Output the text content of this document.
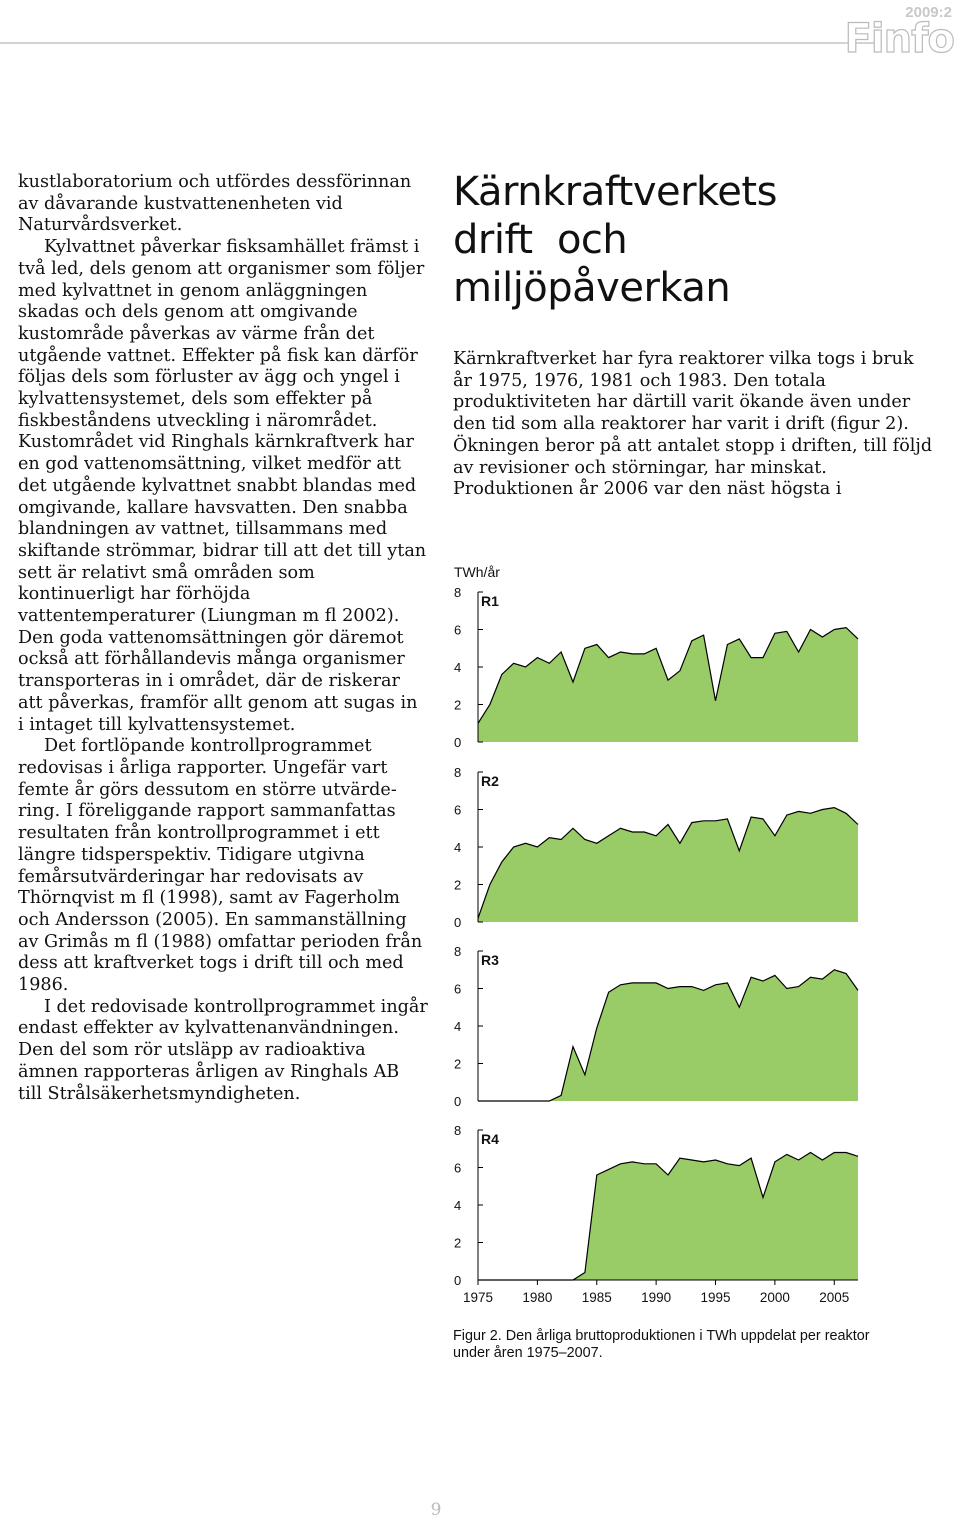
2009:2
Finfo

kustlaboratorium och utfördes dessförinnan av dåvarande kustvattenenheten vid Naturvårdsverket.

Kylvattnet påverkar fisksamhället främst i två led, dels genom att organismer som följer med kylvattnet in genom anläggningen skadas och dels genom att omgivande kustområde påverkas av värme från det utgående vattnet. Effekter på fisk kan därför följas dels som förluster av ägg och yngel i kylvattensystemet, dels som effekter på fiskbeståndens utveckling i närområdet. Kustområdet vid Ringhals kärnkraftverk har en god vattenomsättning, vilket medför att det utgående kylvattnet snabbt blandas med omgivande, kallare havsvatten. Den snabba blandningen av vattnet, tillsammans med skiftande strömmar, bidrar till att det till ytan sett är relativt små områden som kontinuerligt har förhöjda vattentemperaturer (Liungman m fl 2002). Den goda vattenomsättningen gör däremot också att förhållandevis många organismer transporteras in i området, där de riskerar att påverkas, framför allt genom att sugas in i intaget till kylvattensystemet.

Det fortlöpande kontrollprogrammet redovisas i årliga rapporter. Ungefär vart femte år görs dessutom en större utvärdering. I föreliggande rapport sammanfattas resultaten från kontrollprogrammet i ett längre tidsperspektiv. Tidigare utgivna femårsutvärderingar har redovisats av Thörnqvist m fl (1998), samt av Fagerholm och Andersson (2005). En sammanställning av Grimås m fl (1988) omfattar perioden från dess att kraftverket togs i drift till och med 1986.

I det redovisade kontrollprogrammet ingår endast effekter av kylvattenanvändningen. Den del som rör utsläpp av radioaktiva ämnen rapporteras årligen av Ringhals AB till Strålsäkerhetsmyndigheten.

Kärnkraftverkets
drift  och
miljöpåverkan

Kärnkraftverket har fyra reaktorer vilka togs i bruk år 1975, 1976, 1981 och 1983. Den totala produktiviteten har därtill varit ökande även under den tid som alla reaktorer har varit i drift (figur 2). Ökningen beror på att antalet stopp i driften, till följd av revisioner och störningar, har minskat. Produktionen år 2006 var den näst högsta i

TWh/år
0
2
4
6
8
R1
0
2
4
6
8
R2
0
2
4
6
8
R3
0
2
4
6
8
R4
1975 1980 1985 1990 1995 2000 2005

Figur 2. Den årliga bruttoproduktionen i TWh uppdelat per reaktor under åren 1975–2007.

9
